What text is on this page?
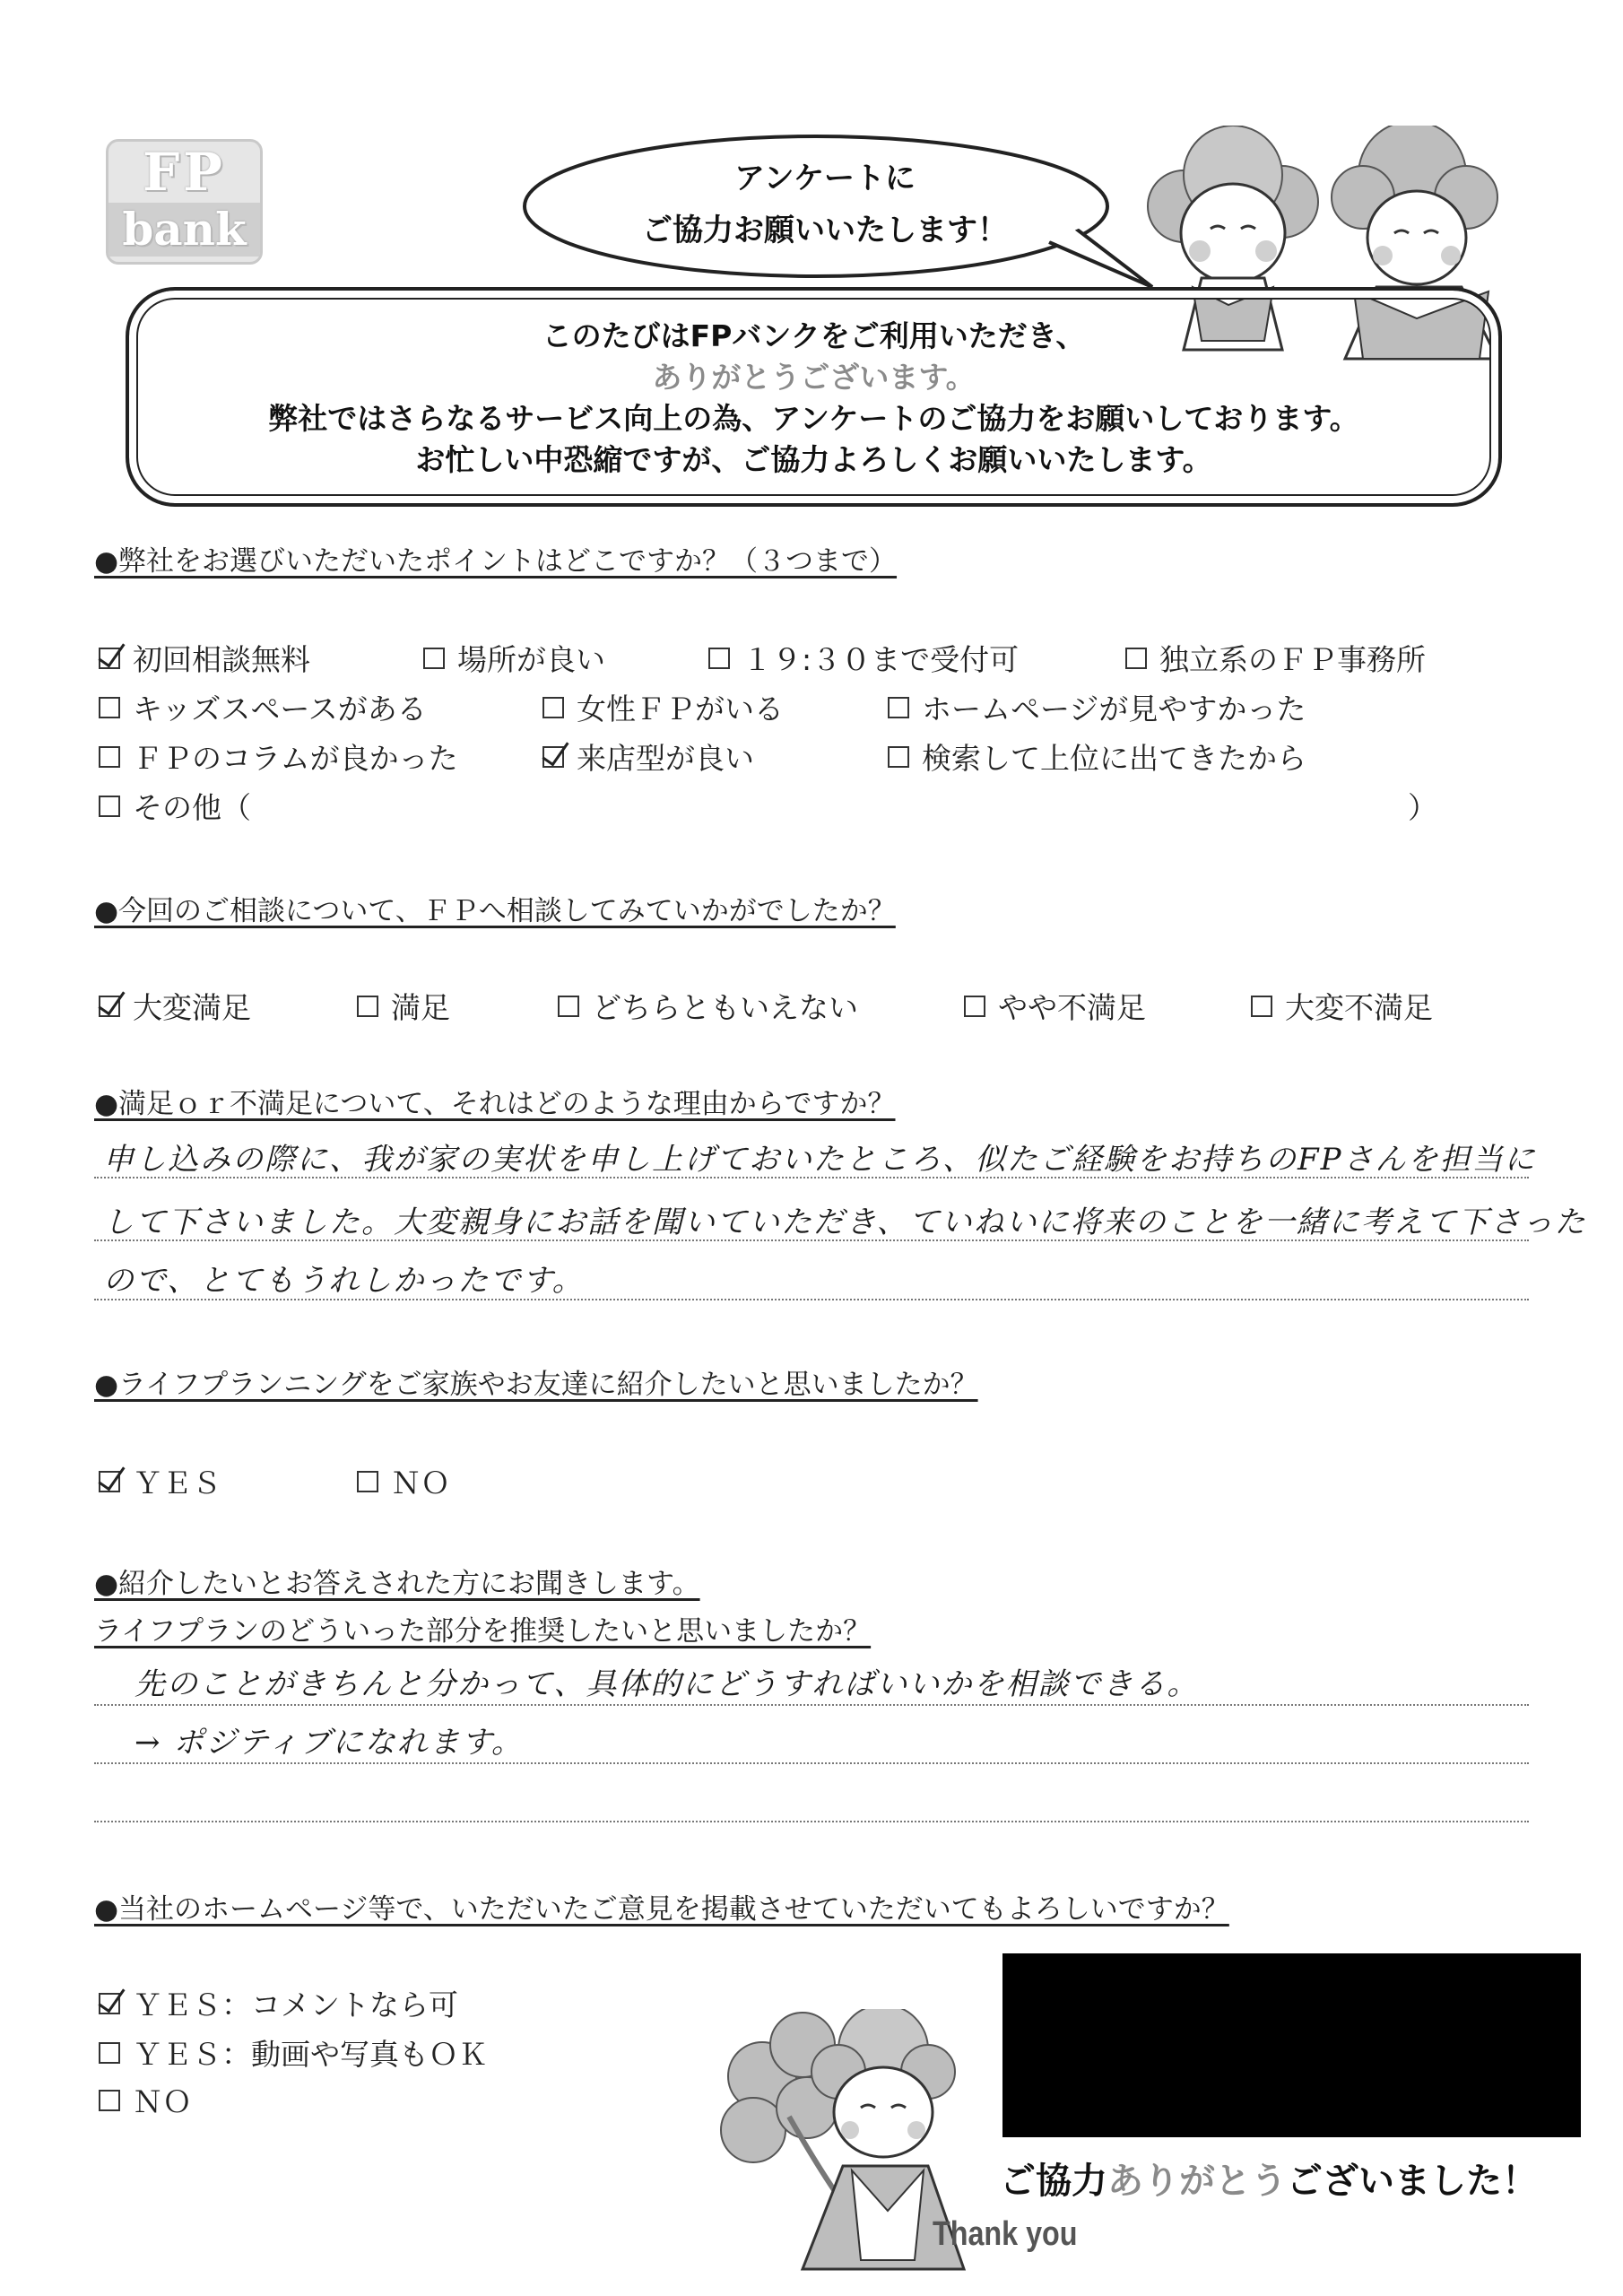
FP
bank
アンケートに
ご協力お願いいたします！
このたびはFPバンクをご利用いただき、
ありがとうございます。
弊社ではさらなるサービス向上の為、アンケートのご協力をお願いしております。
お忙しい中恐縮ですが、ご協力よろしくお願いいたします。
●弊社をお選びいただいたポイントはどこですか？（３つまで）
初回相談無料	場所が良い	１９:３０まで受付可	独立系のＦＰ事務所
キッズスペースがある	女性ＦＰがいる	ホームページが見やすかった
ＦＰのコラムが良かった	来店型が良い	検索して上位に出てきたから
その他（	）
●今回のご相談について、ＦＰへ相談してみていかがでしたか？
大変満足	満足	どちらともいえない	やや不満足	大変不満足
●満足ｏｒ不満足について、それはどのような理由からですか？
申し込みの際に、我が家の実状を申し上げておいたところ、似たご経験をお持ちのFPさんを担当に
して下さいました。大変親身にお話を聞いていただき、ていねいに将来のことを一緒に考えて下さった
ので、とてもうれしかったです。
●ライフプランニングをご家族やお友達に紹介したいと思いましたか？
ＹＥＳ	ＮＯ
●紹介したいとお答えされた方にお聞きします。
ライフプランのどういった部分を推奨したいと思いましたか？
先のことがきちんと分かって、具体的にどうすればいいかを相談できる。
→ ポジティブになれます。
●当社のホームページ等で、いただいたご意見を掲載させていただいてもよろしいですか？
ＹＥＳ：コメントなら可
ＹＥＳ：動画や写真もＯＫ
ＮＯ
ご協力ありがとうございました！
Thank you
